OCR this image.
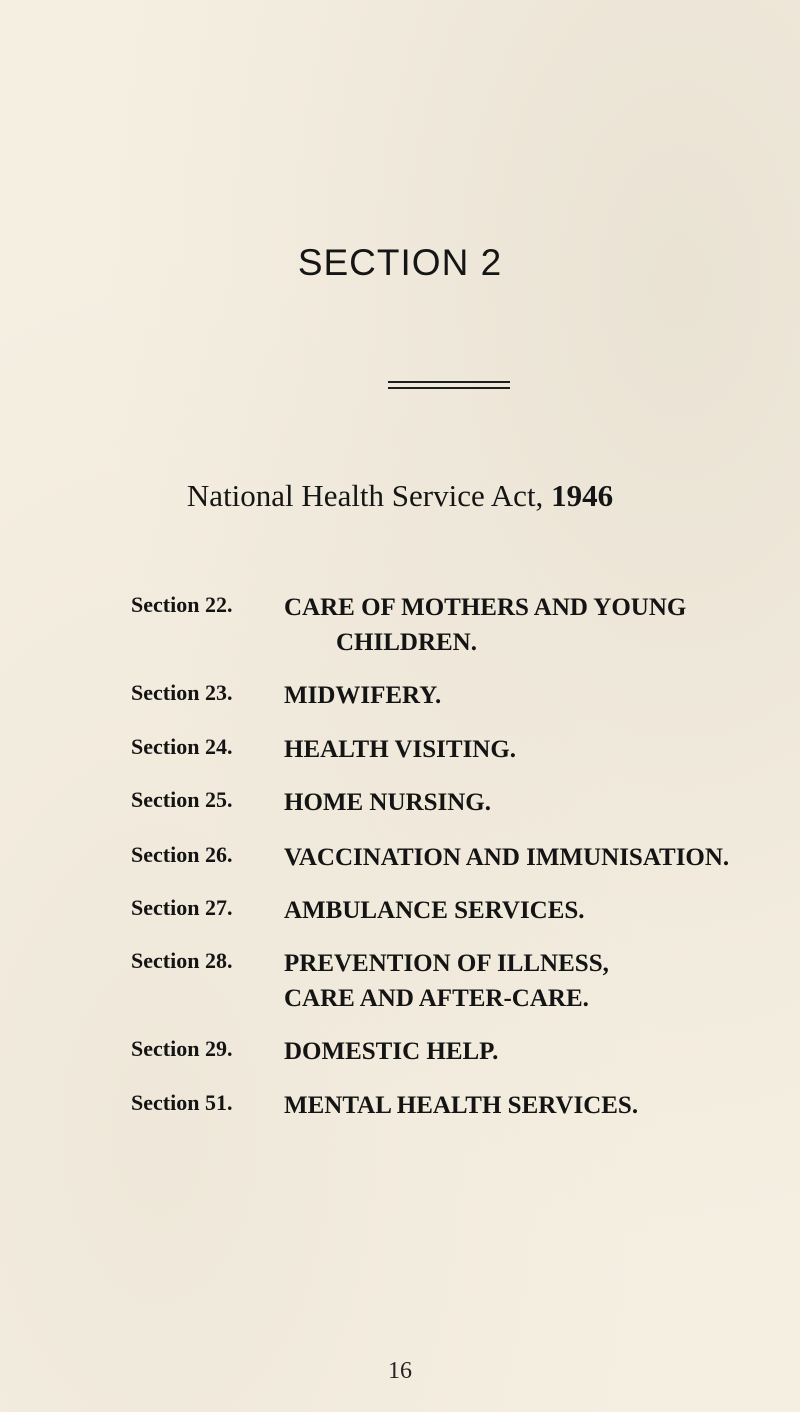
SECTION 2
National Health Service Act, 1946
Section 22. CARE OF MOTHERS AND YOUNG
CHILDREN.
Section 23. MIDWIFERY.
Section 24. HEALTH VISITING.
Section 25. HOME NURSING.
Section 26. VACCINATION AND IMMUNISATION.
Section 27. AMBULANCE SERVICES.
Section 28. PREVENTION OF ILLNESS,
CARE AND AFTER-CARE.
Section 29. DOMESTIC HELP.
Section 51. MENTAL HEALTH SERVICES.
16
